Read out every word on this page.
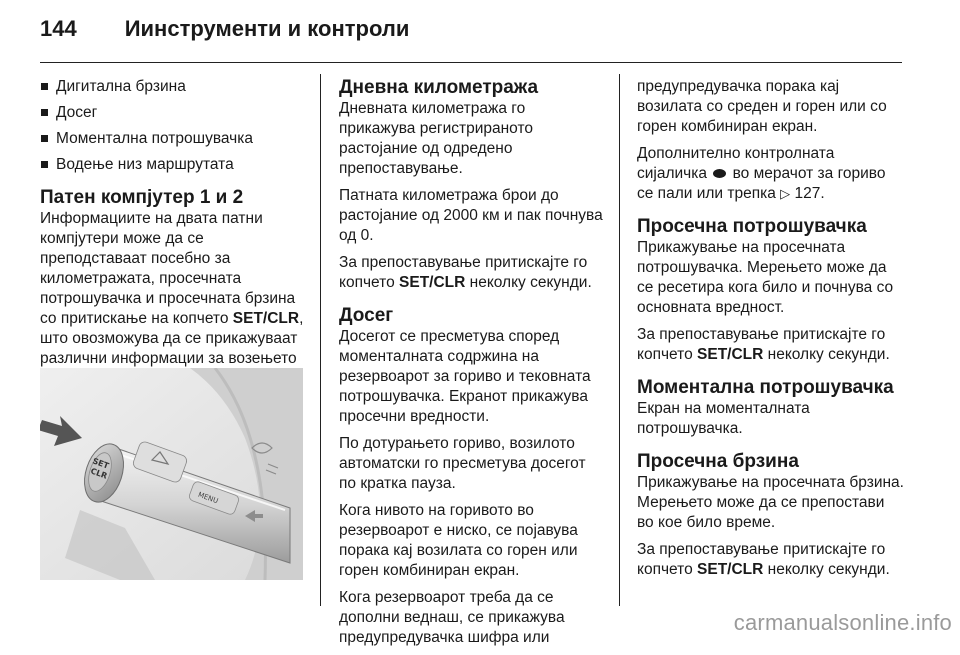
144 Иинструменти и контроли
Дигитална брзина
Досег
Моментална потрошувачка
Водење низ маршрутата
Патен компјутер 1 и 2

Информациите на двата патни компјутери може да се преподставаат посебно за километражата, просечната потрошувачка и просечната брзина со притискање на копчето SET/CLR, што овозможува да се прикажуваат различни информации за возењето

SET
CLR
MENU
Дневна километража

Дневната километража го прикажува регистрираното растојание од одредено препоставување.

Патната километража брои до растојание од 2000 км и пак почнува од 0.

За препоставување притискајте го копчето SET/CLR неколку секунди.

Досег

Досегот се пресметува според моменталната содржина на резервоарот за гориво и тековната потрошувачка. Екранот прикажува просечни вредности.

По дотурањето гориво, возилото автоматски го пресметува досегот по кратка пауза.

Кога нивото на горивото во резервоарот е ниско, се појавува порака кај возилата со горен или горен комбиниран екран.

Кога резервоарот треба да се дополни веднаш, се прикажува предупредувачка шифра или

предупредувачка порака кај возилата со среден и горен или со горен комбиниран екран.

Дополнително контролната сијаличка  во мерачот за гориво се пали или трепка ▷ 127.

Просечна потрошувачка

Прикажување на просечната потрошувачка. Мерењето може да се ресетира кога било и почнува со основната вредност.

За препоставување притискајте го копчето SET/CLR неколку секунди.

Моментална потрошувачка

Екран на моменталната потрошувачка.

Просечна брзина

Прикажување на просечната брзина. Мерењето може да се препостави во кое било време.

За препоставување притискајте го копчето SET/CLR неколку секунди.

carmanualsonline.info
